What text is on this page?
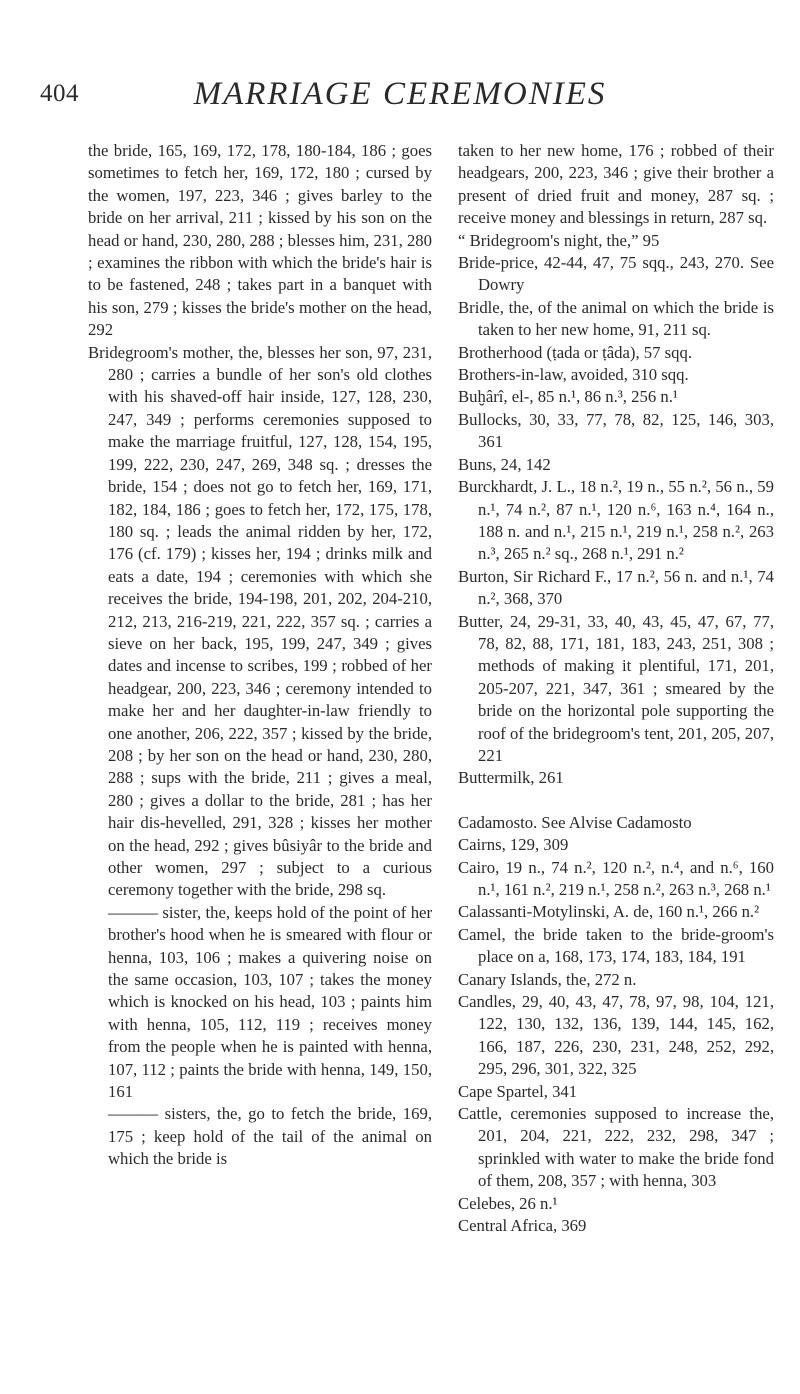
404	MARRIAGE CEREMONIES

the bride, 165, 169, 172, 178, 180-184, 186 ; goes sometimes to fetch her, 169, 172, 180 ; cursed by the women, 197, 223, 346 ; gives barley to the bride on her arrival, 211 ; kissed by his son on the head or hand, 230, 280, 288 ; blesses him, 231, 280 ; examines the ribbon with which the bride's hair is to be fastened, 248 ; takes part in a banquet with his son, 279 ; kisses the bride's mother on the head, 292

Bridegroom's mother, the, blesses her son, 97, 231, 280 ; carries a bundle of her son's old clothes with his shaved-off hair inside, 127, 128, 230, 247, 349 ; performs ceremonies supposed to make the marriage fruitful, 127, 128, 154, 195, 199, 222, 230, 247, 269, 348 sq. ; dresses the bride, 154 ; does not go to fetch her, 169, 171, 182, 184, 186 ; goes to fetch her, 172, 175, 178, 180 sq. ; leads the animal ridden by her, 172, 176 (cf. 179) ; kisses her, 194 ; drinks milk and eats a date, 194 ; ceremonies with which she receives the bride, 194-198, 201, 202, 204-210, 212, 213, 216-219, 221, 222, 357 sq. ; carries a sieve on her back, 195, 199, 247, 349 ; gives dates and incense to scribes, 199 ; robbed of her headgear, 200, 223, 346 ; ceremony intended to make her and her daughter-in-law friendly to one another, 206, 222, 357 ; kissed by the bride, 208 ; by her son on the head or hand, 230, 280, 288 ; sups with the bride, 211 ; gives a meal, 280 ; gives a dollar to the bride, 281 ; has her hair dis-hevelled, 291, 328 ; kisses her mother on the head, 292 ; gives bûsiyâr to the bride and other women, 297 ; subject to a curious ceremony together with the bride, 298 sq.

——— sister, the, keeps hold of the point of her brother's hood when he is smeared with flour or henna, 103, 106 ; makes a quivering noise on the same occasion, 103, 107 ; takes the money which is knocked on his head, 103 ; paints him with henna, 105, 112, 119 ; receives money from the people when he is painted with henna, 107, 112 ; paints the bride with henna, 149, 150, 161

——— sisters, the, go to fetch the bride, 169, 175 ; keep hold of the tail of the animal on which the bride is

taken to her new home, 176 ; robbed of their headgears, 200, 223, 346 ; give their brother a present of dried fruit and money, 287 sq. ; receive money and blessings in return, 287 sq.

“ Bridegroom's night, the,” 95

Bride-price, 42-44, 47, 75 sqq., 243, 270. See Dowry

Bridle, the, of the animal on which the bride is taken to her new home, 91, 211 sq.

Brotherhood (ṭada or ṭâda), 57 sqq.

Brothers-in-law, avoided, 310 sqq.

Buḫârî, el-, 85 n.¹, 86 n.³, 256 n.¹

Bullocks, 30, 33, 77, 78, 82, 125, 146, 303, 361

Buns, 24, 142

Burckhardt, J. L., 18 n.², 19 n., 55 n.², 56 n., 59 n.¹, 74 n.², 87 n.¹, 120 n.⁶, 163 n.⁴, 164 n., 188 n. and n.¹, 215 n.¹, 219 n.¹, 258 n.², 263 n.³, 265 n.² sq., 268 n.¹, 291 n.²

Burton, Sir Richard F., 17 n.², 56 n. and n.¹, 74 n.², 368, 370

Butter, 24, 29-31, 33, 40, 43, 45, 47, 67, 77, 78, 82, 88, 171, 181, 183, 243, 251, 308 ; methods of making it plentiful, 171, 201, 205-207, 221, 347, 361 ; smeared by the bride on the horizontal pole supporting the roof of the bridegroom's tent, 201, 205, 207, 221

Buttermilk, 261

Cadamosto. See Alvise Cadamosto

Cairns, 129, 309

Cairo, 19 n., 74 n.², 120 n.², n.⁴, and n.⁶, 160 n.¹, 161 n.², 219 n.¹, 258 n.², 263 n.³, 268 n.¹

Calassanti-Motylinski, A. de, 160 n.¹, 266 n.²

Camel, the bride taken to the bride-groom's place on a, 168, 173, 174, 183, 184, 191

Canary Islands, the, 272 n.

Candles, 29, 40, 43, 47, 78, 97, 98, 104, 121, 122, 130, 132, 136, 139, 144, 145, 162, 166, 187, 226, 230, 231, 248, 252, 292, 295, 296, 301, 322, 325

Cape Spartel, 341

Cattle, ceremonies supposed to increase the, 201, 204, 221, 222, 232, 298, 347 ; sprinkled with water to make the bride fond of them, 208, 357 ; with henna, 303

Celebes, 26 n.¹

Central Africa, 369
